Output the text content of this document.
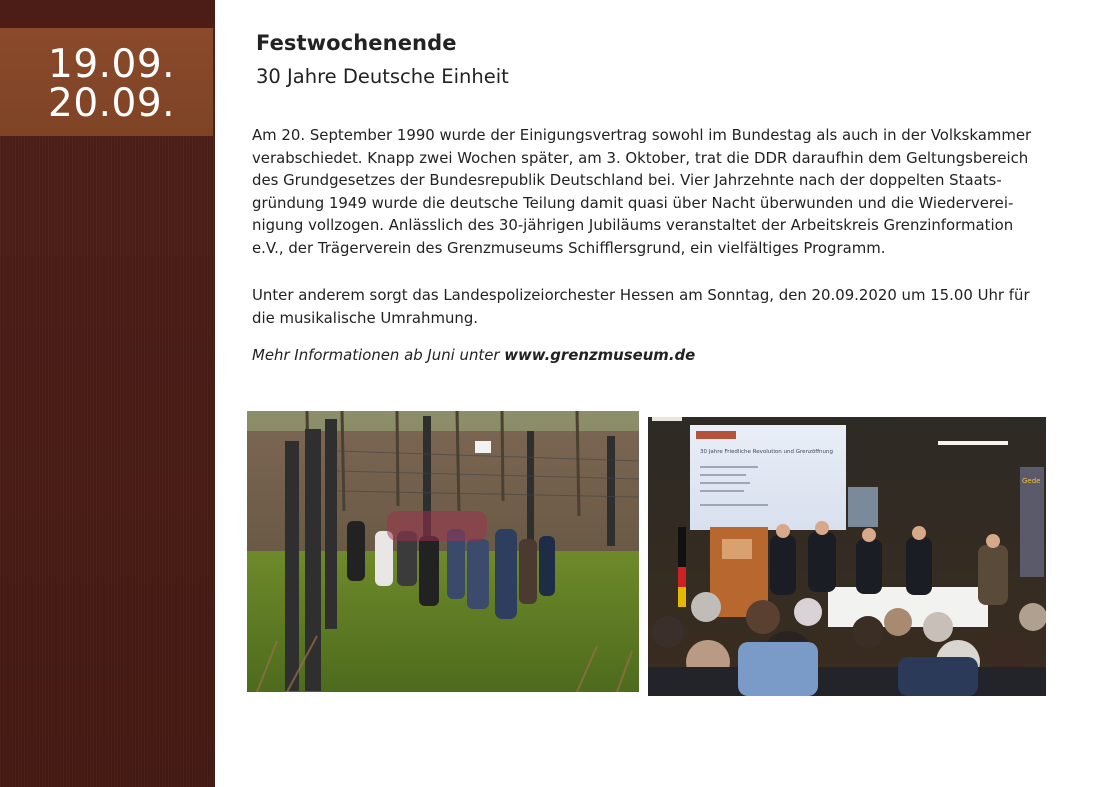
19.09.
20.09.
Festwochenende
30 Jahre Deutsche Einheit

Am 20. September 1990 wurde der Einigungsvertrag sowohl im Bundestag als auch in der Volkskammer
verabschiedet. Knapp zwei Wochen später, am 3. Oktober, trat die DDR daraufhin dem Geltungsbereich
des Grundgesetzes der Bundesrepublik Deutschland bei. Vier Jahrzehnte nach der doppelten Staats-
gründung 1949 wurde die deutsche Teilung damit quasi über Nacht überwunden und die Wiederverei-
nigung vollzogen. Anlässlich des 30-jährigen Jubiläums veranstaltet der Arbeitskreis Grenzinformation
e.V., der Trägerverein des Grenzmuseums Schifflersgrund, ein vielfältiges Programm.

Unter anderem sorgt das Landespolizeiorchester Hessen am Sonntag, den 20.09.2020 um 15.00 Uhr für
die musikalische Umrahmung.

Mehr Informationen ab Juni unter www.grenzmuseum.de
30 Jahre Friedliche Revolution und Grenzöffnung
Gede
